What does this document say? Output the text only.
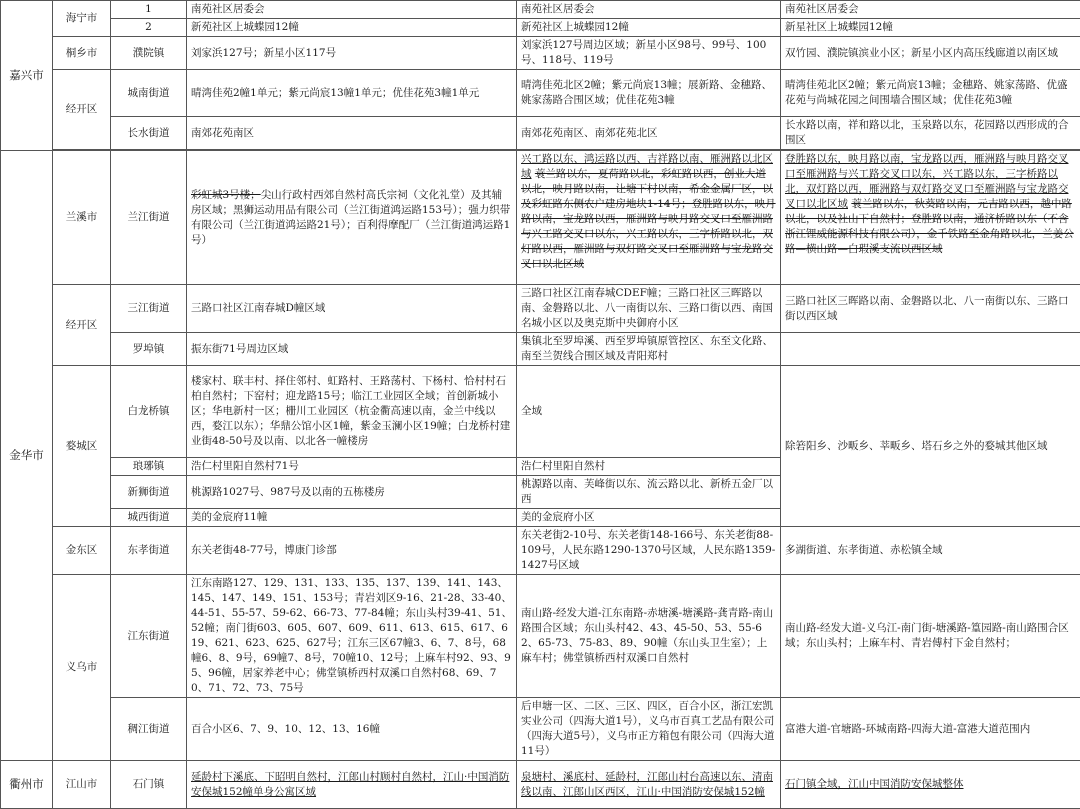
嘉兴市	海宁市	1	南苑社区居委会	南苑社区居委会	南苑社区居委会
		2	新苑社区上城蝶园12幢	新苑社区上城蝶园12幢	新星社区上城蝶园12幢
	桐乡市	濮院镇	刘家浜127号；新星小区117号	刘家浜127号周边区域；新星小区98号、99号、100号、118号、119号	双竹园、濮院镇滨业小区；新星小区内高压线廊道以南区域
	经开区	城南街道	晴湾佳苑2幢1单元；紫元尚宸13幢1单元；优佳花苑3幢1单元	晴湾佳苑北区2幢；紫元尚宸13幢；展新路、金穗路、姚家荡路合围区域；优佳花苑3幢	晴湾佳苑北区2幢；紫元尚宸13幢；金穗路、姚家荡路、优盛花苑与尚城花园之间围墙合围区域；优佳花苑3幢
		长水街道	南郊花苑南区	南郊花苑南区、南郊花苑北区	长水路以南，祥和路以北，玉泉路以东，花园路以西形成的合围区

金华市	兰溪市	兰江街道	彩虹城3号楼；尖山行政村西郊自然村高氏宗祠（文化礼堂）及其辅房区域；黑狮运动用品有限公司（兰江街道鸿运路153号）；强力织带有限公司（兰江街道鸿运路21号）；百利得摩配厂（兰江街道鸿运路1号）	兴工路以东、鸿运路以西、吉祥路以南、雁洲路以北区域 蓑兰路以东，夏荷路以北，彩虹路以西，创业大道以北，映月路以南，让塘下村以南，希金金属厂区，以及彩虹路东侧农户建房地块1-14号；登胜路以东，映月路以南，宝龙路以西，雁洲路与映月路交叉口至雁洲路与兴工路交叉口以东，兴工路以东，三字桥路以北，双灯路以西，雁洲路与双灯路交叉口至雁洲路与宝龙路交叉口以北区域	登胜路以东，映月路以南，宝龙路以西，雁洲路与映月路交叉口至雁洲路与兴工路交叉口以东，兴工路以东，三字桥路以北，双灯路以西，雁洲路与双灯路交叉口至雁洲路与宝龙路交叉口以北区域 蓑兰路以东，秋葵路以南，元吉路以西，越中路以北，以及社山下自然村；登胜路以南，通济桥路以东（不含浙江锂威能源科技有限公司），金千铁路至金角路以北，兰姜公路—横山路—白瑕溪支流以西区域
	经开区	三江街道	三路口社区江南春城D幢区域	三路口社区江南春城CDEF幢；三路口社区三晖路以南、金磐路以北、八一南街以东、三路口街以西、南国名城小区以及奥克斯中央御府小区	三路口社区三晖路以南、金磐路以北、八一南街以东、三路口街以西区域
		罗埠镇	振东街71号周边区域	集镇北至罗埠溪、西至罗埠镇原管控区、东至文化路、南至兰贺线合围区域及青阳郑村	
	婺城区	白龙桥镇	楼家村、联丰村、择住邻村、虹路村、王路荡村、下杨村、恰村村石柏自然村；下窑村；迎龙路15号；临江工业园区全域；首创新城小区；华电新村一区；栅川工业园区（杭金衢高速以南，金兰中线以西，婺江以东）；华鼎公馆小区1幢，紫金玉澜小区19幢；白龙桥村建业街48-50号及以南、以北各一幢楼房	全域	除箬阳乡、沙畈乡、莘畈乡、塔石乡之外的婺城其他区域
		琅琊镇	浩仁村里阳自然村71号	浩仁村里阳自然村	
		新狮街道	桃源路1027号、987号及以南的五栋楼房	桃源路以南、芙峰街以东、流云路以北、新桥五金厂以西	
		城西街道	美的金宸府11幢	美的金宸府小区	
	金东区	东孝街道	东关老街48-77号，博康门诊部	东关老街2-10号、东关老街148-166号、东关老街88-109号，人民东路1290-1370号区域，人民东路1359-1427号区域	多湖街道、东孝街道、赤松镇全域
	义乌市	江东街道	江东南路127、129、131、133、135、137、139、141、143、145、147、149、151、153号；青岩刘区9-16、21-28、33-40、44-51、55-57、59-62、66-73、77-84幢；东山头村39-41、51、52幢；南门街603、605、607、609、611、613、615、617、619、621、623、625、627号；江东三区67幢3、6、7、8号，68幢6、8、9号，69幢7、8号，70幢10、12号；上麻车村92、93、95、96幢，居家养老中心；佛堂镇桥西村双溪口自然村68、69、70、71、72、73、75号	南山路-经发大道-江东南路-赤塘溪-塘溪路-龚青路-南山路围合区域；东山头村42、43、45-50、53、55-62、65-73、75-83、89、90幢（东山头卫生室）；上麻车村；佛堂镇桥西村双溪口自然村	南山路-经发大道-义乌江-南门街-塘溪路-篁园路-南山路围合区域；东山头村；上麻车村、青岩傅村下金自然村；
		稠江街道	百合小区6、7、9、10、12、13、16幢	后申塘一区、二区、三区、四区，百合小区，浙江宏凯实业公司（四海大道1号），义乌市百真工艺品有限公司（四海大道5号），义乌市正方箱包有限公司（四海大道11号）	富港大道-官塘路-环城南路-四海大道-富港大道范围内
衢州市	江山市	石门镇	延龄村下溪底、下昭明自然村，江郎山村顾村自然村，江山·中国消防安保城152幢单身公寓区域	泉塘村、溪底村、延龄村，江郎山村台高速以东、清南线以南、江郎山区西区，江山·中国消防安保城152幢	石门镇全域，江山中国消防安保城整体
